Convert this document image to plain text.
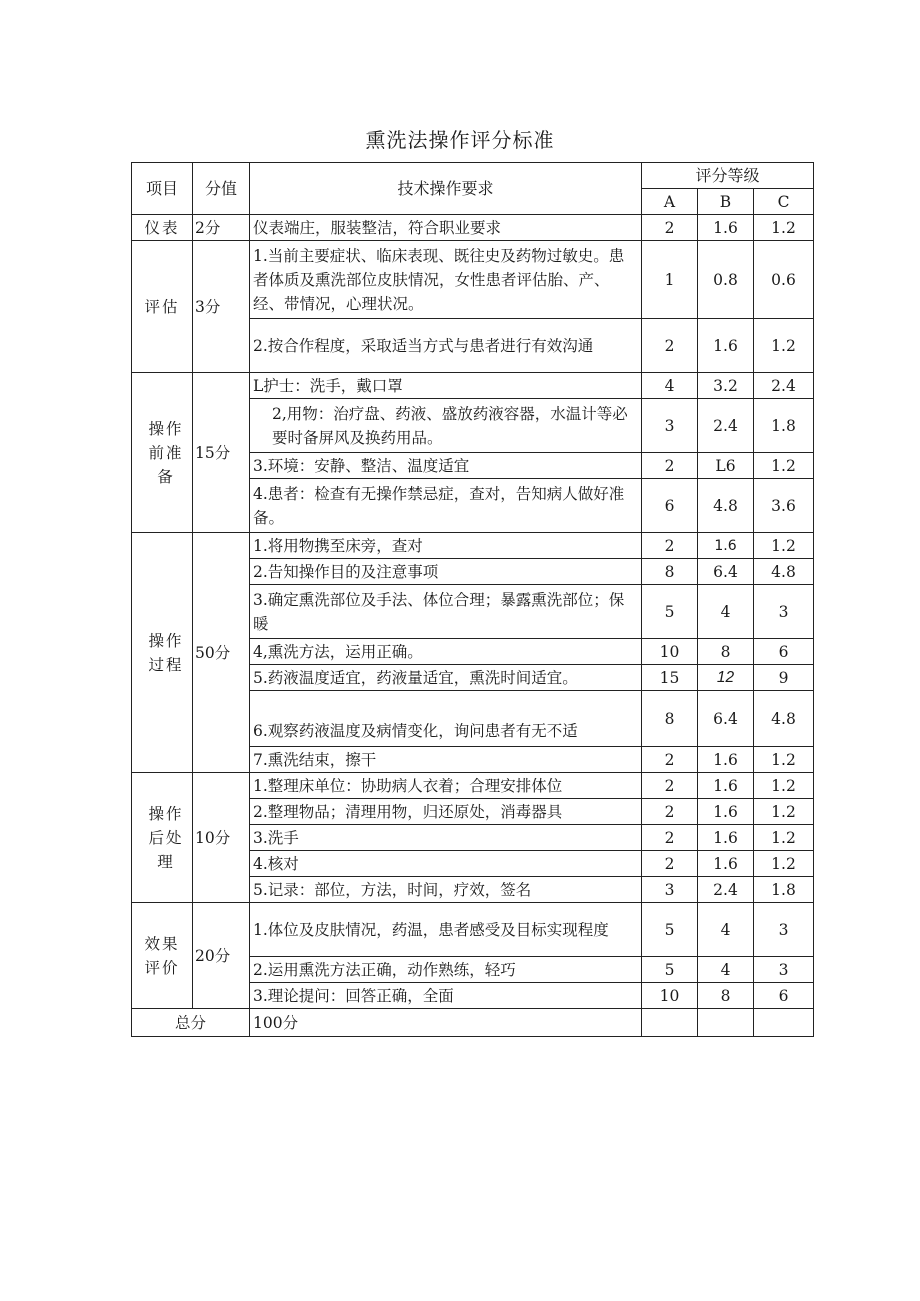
熏洗法操作评分标准
项目	分值	技术操作要求	评分等级		
			A	B	C
仪表	2分	仪表端庄，服装整洁，符合职业要求	2	1.6	1.2
评估	3分	1.当前主要症状、临床表现、既往史及药物过敏史。患者体质及熏洗部位皮肤情况，女性患者评估胎、产、经、带情况，心理状况。	1	0.8	0.6
		2.按合作程度，采取适当方式与患者进行有效沟通	2	1.6	1.2
操作前准备	15分	L护士：洗手，戴口罩	4	3.2	2.4
		2,用物：治疗盘、药液、盛放药液容器，水温计等必要时备屏风及换药用品。	3	2.4	1.8
		3.环境：安静、整洁、温度适宜	2	L6	1.2
		4.患者：检查有无操作禁忌症，查对，告知病人做好准备。	6	4.8	3.6
操作过程	50分	1.将用物携至床旁，查对	2	1.6	1.2
		2.告知操作目的及注意事项	8	6.4	4.8
		3.确定熏洗部位及手法、体位合理；暴露熏洗部位；保暖	5	4	3
		4,熏洗方法，运用正确。	10	8	6
		5.药液温度适宜，药液量适宜，熏洗时间适宜。	15	12	9
		6.观察药液温度及病情变化，询问患者有无不适	8	6.4	4.8
		7.熏洗结束，擦干	2	1.6	1.2
操作后处理	10分	1.整理床单位：协助病人衣着；合理安排体位	2	1.6	1.2
		2.整理物品；清理用物，归还原处，消毒器具	2	1.6	1.2
		3.洗手	2	1.6	1.2
		4.核对	2	1.6	1.2
		5.记录：部位，方法，时间，疗效，签名	3	2.4	1.8
效果评价	20分	1.体位及皮肤情况，药温，患者感受及目标实现程度	5	4	3
		2.运用熏洗方法正确，动作熟练，轻巧	5	4	3
		3.理论提问：回答正确，全面	10	8	6
总分		100分			
